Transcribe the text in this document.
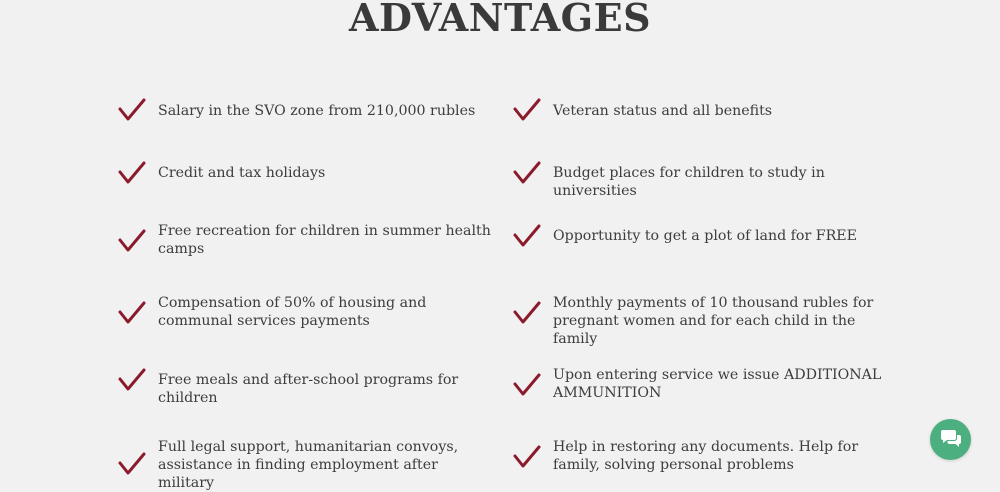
ADVANTAGES
Salary in the SVO zone from 210,000 rubles
Credit and tax holidays
Free recreation for children in summer health camps
Compensation of 50% of housing and communal services payments
Free meals and after-school programs for children
Full legal support, humanitarian convoys, assistance in finding employment after military
Veteran status and all benefits
Budget places for children to study in universities
Opportunity to get a plot of land for FREE
Monthly payments of 10 thousand rubles for pregnant women and for each child in the family
Upon entering service we issue ADDITIONAL AMMUNITION
Help in restoring any documents. Help for family, solving personal problems
